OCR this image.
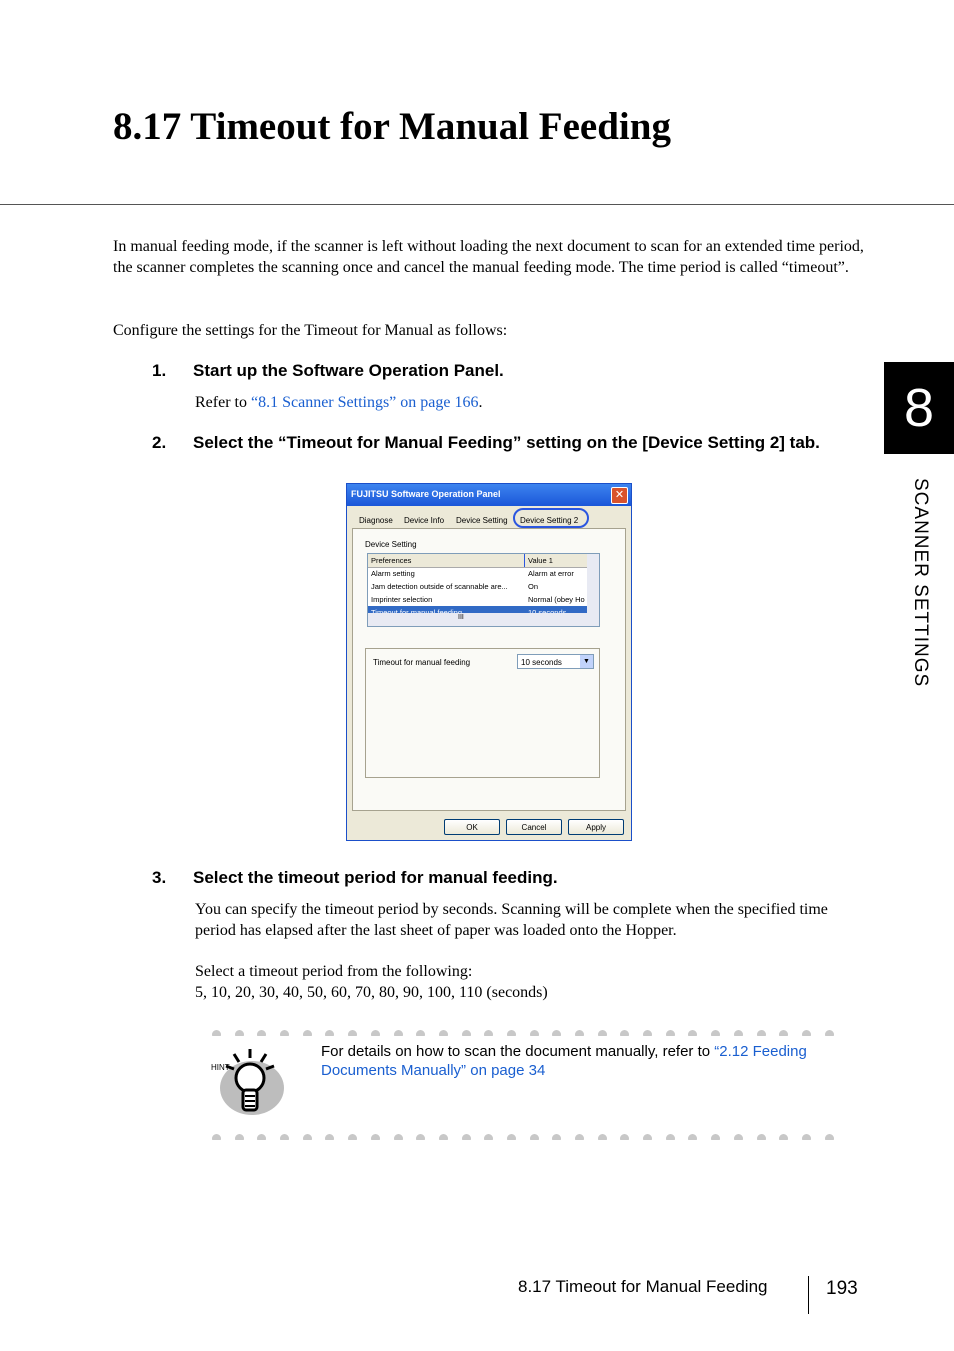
8.17 Timeout for Manual Feeding
In manual feeding mode, if the scanner is left without loading the next document to scan for an extended time period, the scanner completes the scanning once and cancel the manual feeding mode. The time period is called “timeout”.
Configure the settings for the Timeout for Manual as follows:
1. Start up the Software Operation Panel.
Refer to “8.1 Scanner Settings” on page 166.
2. Select the “Timeout for Manual Feeding” setting on the [Device Setting 2] tab.
FUJITSU Software Operation Panel	✕
Diagnose Device Info Device Setting Device Setting 2
Device Setting
Preferences	Value 1
Alarm setting	Alarm at error
Jam detection outside of scannable are...	On
Imprinter selection	Normal (obey Ho
III
Timeout for manual feeding	10 seconds	▼
OK	Cancel	Apply
3. Select the timeout period for manual feeding.
You can specify the timeout period by seconds. Scanning will be complete when the specified time period has elapsed after the last sheet of paper was loaded onto the Hopper.
Select a timeout period from the following:
5, 10, 20, 30, 40, 50, 60, 70, 80, 90, 100, 110 (seconds)
HINT
For details on how to scan the document manually, refer to “2.12 Feeding Documents Manually” on page 34
8
SCANNER SETTINGS
8.17 Timeout for Manual Feeding	193
